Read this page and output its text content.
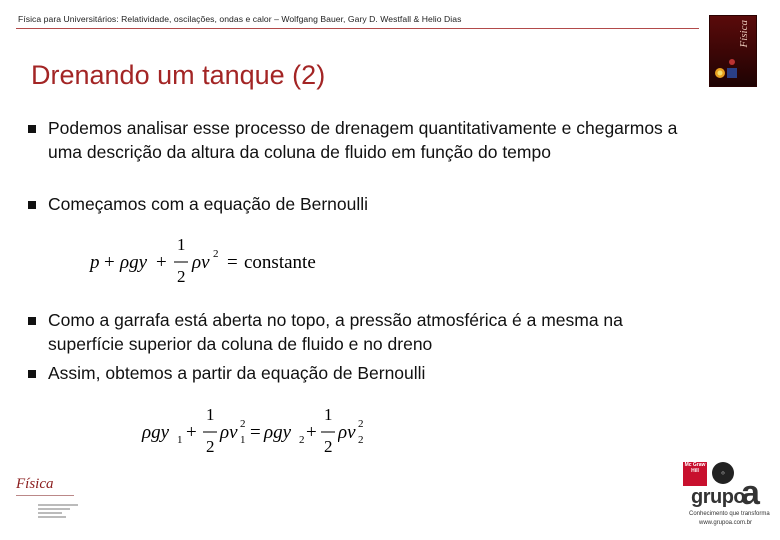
Física para Universitários: Relatividade, oscilações, ondas e calor – Wolfgang Bauer, Gary D. Westfall & Helio Dias
Física
Drenando um tanque (2)
Podemos analisar esse processo de drenagem quantitativamente e chegarmos a uma descrição da altura da coluna de fluido em função do tempo
Começamos com a equação de Bernoulli
p + ρgy +
1
2
ρv 2 = constante
Como a garrafa está aberta no topo, a pressão atmosférica é a mesma na superfície superior da coluna de fluido e no dreno
Assim, obtemos a partir da equação de Bernoulli
ρgy 1 +
1
2
ρv 1
2 = ρgy 2 +
1
2
ρv 2
2
Física
Mc Graw Hill	◎
grupo
a
Conhecimento que transforma
www.grupoa.com.br
